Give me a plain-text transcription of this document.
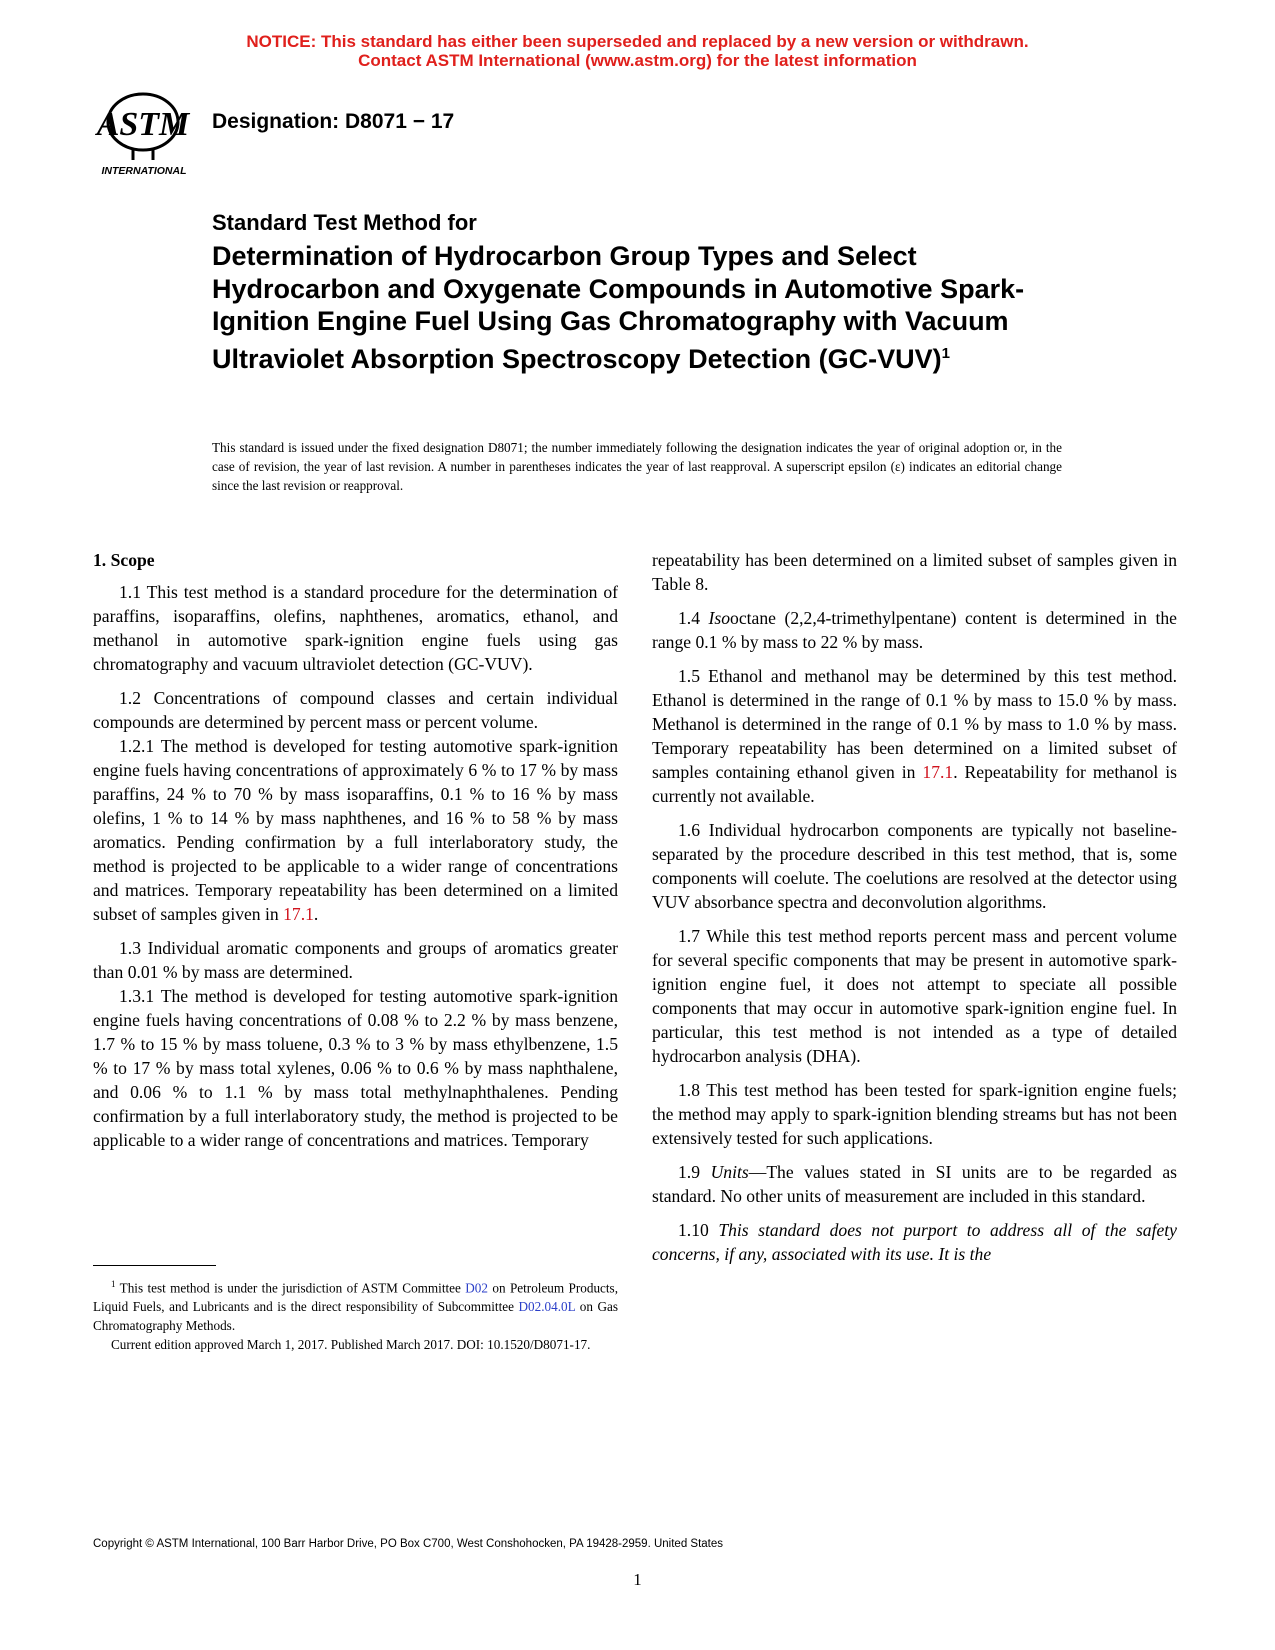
NOTICE: This standard has either been superseded and replaced by a new version or withdrawn.
Contact ASTM International (www.astm.org) for the latest information
ASTM
INTERNATIONAL
Designation: D8071 − 17
Standard Test Method for
Determination of Hydrocarbon Group Types and Select Hydrocarbon and Oxygenate Compounds in Automotive Spark-Ignition Engine Fuel Using Gas Chromatography with Vacuum Ultraviolet Absorption Spectroscopy Detection $(GC-VUV)^1$
This standard is issued under the fixed designation D8071; the number immediately following the designation indicates the year of original adoption or, in the case of revision, the year of last revision. A number in parentheses indicates the year of last reapproval. A superscript epsilon (ε) indicates an editorial change since the last revision or reapproval.
1. Scope

1.1 This test method is a standard procedure for the determination of paraffins, isoparaffins, olefins, naphthenes, aromatics, ethanol, and methanol in automotive spark-ignition engine fuels using gas chromatography and vacuum ultraviolet detection (GC-VUV).

1.2 Concentrations of compound classes and certain individual compounds are determined by percent mass or percent volume.

1.2.1 The method is developed for testing automotive spark-ignition engine fuels having concentrations of approximately 6 % to 17 % by mass paraffins, 24 % to 70 % by mass isoparaffins, 0.1 % to 16 % by mass olefins, 1 % to 14 % by mass naphthenes, and 16 % to 58 % by mass aromatics. Pending confirmation by a full interlaboratory study, the method is projected to be applicable to a wider range of concentrations and matrices. Temporary repeatability has been determined on a limited subset of samples given in 17.1.

1.3 Individual aromatic components and groups of aromatics greater than 0.01 % by mass are determined.

1.3.1 The method is developed for testing automotive spark-ignition engine fuels having concentrations of 0.08 % to 2.2 % by mass benzene, 1.7 % to 15 % by mass toluene, 0.3 % to 3 % by mass ethylbenzene, 1.5 % to 17 % by mass total xylenes, 0.06 % to 0.6 % by mass naphthalene, and 0.06 % to 1.1 % by mass total methylnaphthalenes. Pending confirmation by a full interlaboratory study, the method is projected to be applicable to a wider range of concentrations and matrices. Temporary

repeatability has been determined on a limited subset of samples given in Table 8.

1.4 Isooctane (2,2,4-trimethylpentane) content is determined in the range 0.1 % by mass to 22 % by mass.

1.5 Ethanol and methanol may be determined by this test method. Ethanol is determined in the range of 0.1 % by mass to 15.0 % by mass. Methanol is determined in the range of 0.1 % by mass to 1.0 % by mass. Temporary repeatability has been determined on a limited subset of samples containing ethanol given in 17.1. Repeatability for methanol is currently not available.

1.6 Individual hydrocarbon components are typically not baseline-separated by the procedure described in this test method, that is, some components will coelute. The coelutions are resolved at the detector using VUV absorbance spectra and deconvolution algorithms.

1.7 While this test method reports percent mass and percent volume for several specific components that may be present in automotive spark-ignition engine fuel, it does not attempt to speciate all possible components that may occur in automotive spark-ignition engine fuel. In particular, this test method is not intended as a type of detailed hydrocarbon analysis (DHA).

1.8 This test method has been tested for spark-ignition engine fuels; the method may apply to spark-ignition blending streams but has not been extensively tested for such applications.

1.9 Units—The values stated in SI units are to be regarded as standard. No other units of measurement are included in this standard.

1.10 This standard does not purport to address all of the safety concerns, if any, associated with its use. It is the

$^1$ This test method is under the jurisdiction of ASTM Committee D02 on Petroleum Products, Liquid Fuels, and Lubricants and is the direct responsibility of Subcommittee D02.04.0L on Gas Chromatography Methods.

Current edition approved March 1, 2017. Published March 2017. DOI: 10.1520/D8071-17.

Copyright © ASTM International, 100 Barr Harbor Drive, PO Box C700, West Conshohocken, PA 19428-2959. United States
1
